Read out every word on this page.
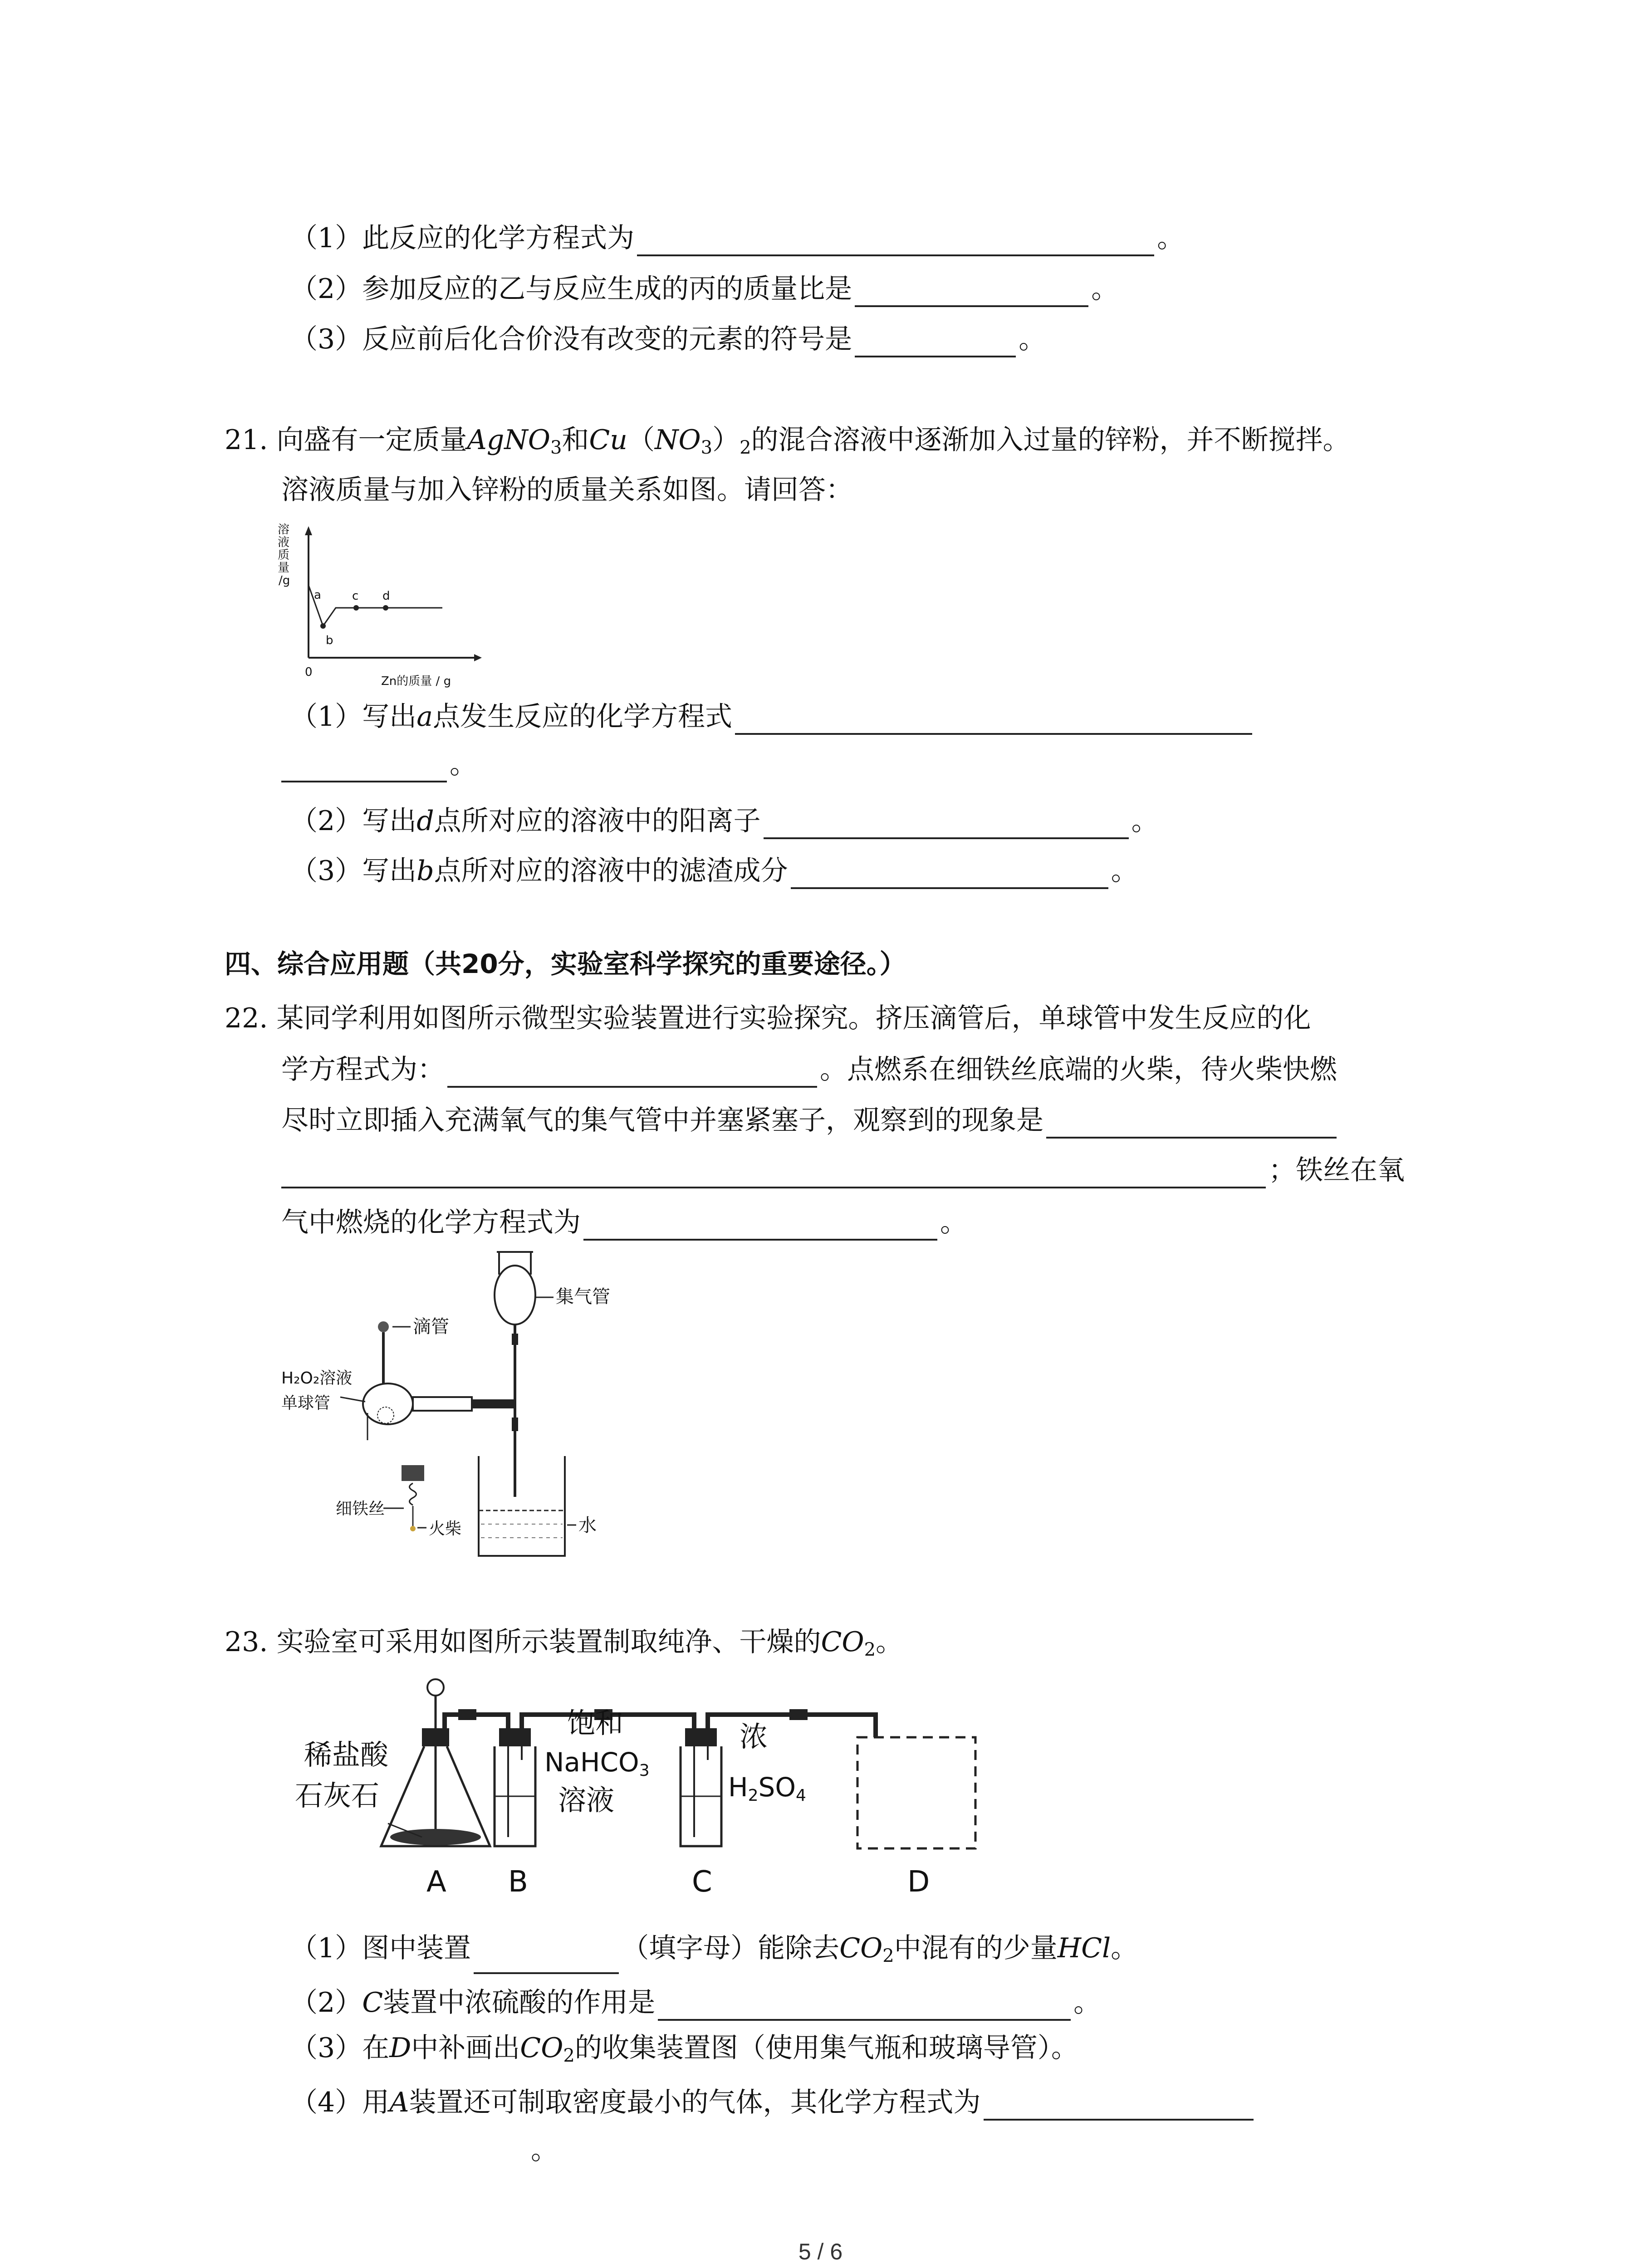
（1）此反应的化学方程式为	。
（2）参加反应的乙与反应生成的丙的质量比是	。
（3）反应前后化合价没有改变的元素的符号是	。
21. 向盛有一定质量AgNO$_3$和$Cu(NO_3)_2$的混合溶液中逐渐加入过量的锌粉，并不断搅拌。
溶液质量与加入锌粉的质量关系如图。请回答：
溶
液
质
量
/g
a
b
c d
0
Zn的质量 / g
（1）写出a点发生反应的化学方程式
。
（2）写出d点所对应的溶液中的阳离子	。
（3）写出b点所对应的溶液中的滤渣成分	。
四、综合应用题（共20分，实验室科学探究的重要途径。）
22. 某同学利用如图所示微型实验装置进行实验探究。挤压滴管后，单球管中发生反应的化
学方程式为：	。点燃系在细铁丝底端的火柴，待火柴快燃
尽时立即插入充满氧气的集气管中并塞紧塞子，观察到的现象是
；铁丝在氧
气中燃烧的化学方程式为	。
集气管
滴管
H₂O₂溶液
单球管
细铁丝
火柴	水
23. 实验室可采用如图所示装置制取纯净、干燥的$CO_2$。
稀盐酸
石灰石
饱和
NaHCO3
溶液
浓
H2SO4
A B	C	D
（1）图中装置	（填字母）能除去$CO_2$中混有的少量HCl。
（2）C装置中浓硫酸的作用是	。
（3）在D中补画出$CO_2$的收集装置图（使用集气瓶和玻璃导管）。
（4）用A装置还可制取密度最小的气体，其化学方程式为
。
5 / 6
